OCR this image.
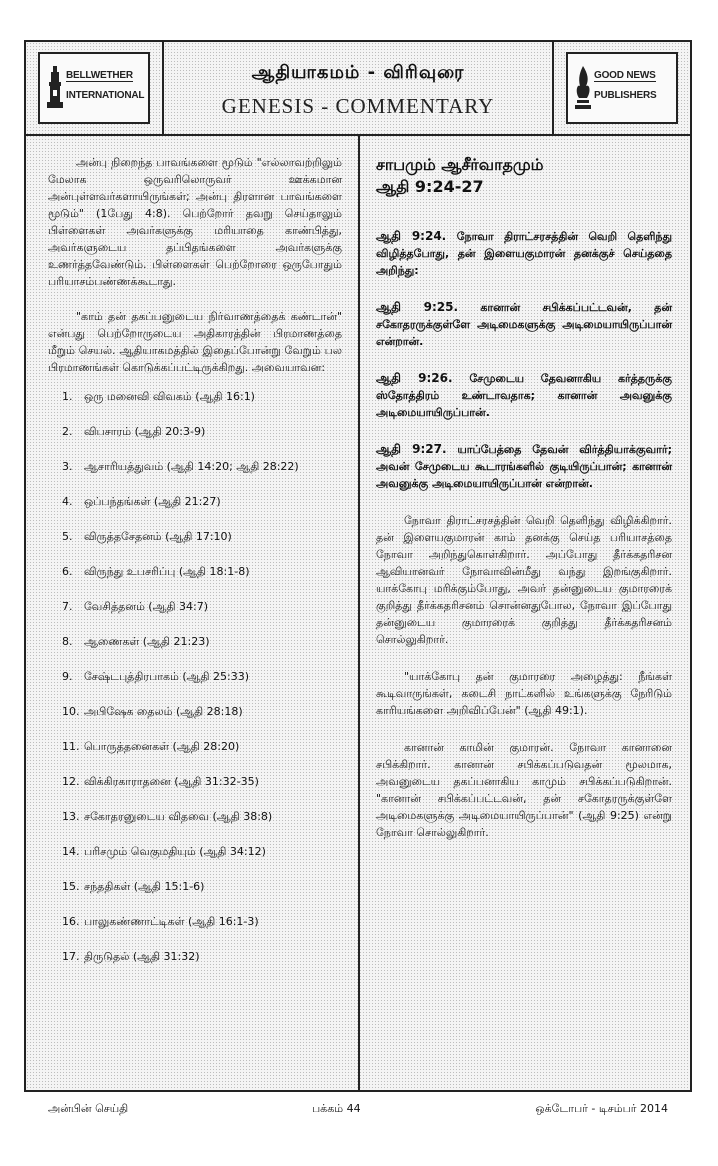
BELLWETHER
INTERNATIONAL
ஆதியாகமம் - விரிவுரை
GENESIS - COMMENTARY
GOOD NEWS
PUBLISHERS

அன்பு நிறைந்த பாவங்களை மூடும் "எல்லாவற்றிலும் மேலாக ஒருவரிலொருவர் ஊக்கமான அன்புள்ளவர்களாயிருங்கள்; அன்பு திரளான பாவங்களை மூடும்" (1பேது 4:8). பெற்றோர் தவறு செய்தாலும் பிள்ளைகள் அவர்களுக்கு மரியாதை காண்பித்து, அவர்களுடைய தப்பிதங்களை அவர்களுக்கு உணர்த்தவேண்டும். பிள்ளைகள் பெற்றோரை ஒருபோதும் பரியாசம்பண்ணக்கூடாது.

"காம் தன் தகப்பனுடைய நிர்வாணத்தைக் கண்டான்" என்பது பெற்றோருடைய அதிகாரத்தின் பிரமாணத்தை மீறும் செயல். ஆதியாகமத்தில் இதைப்போன்று வேறும் பல பிரமாணங்கள் கொடுக்கப்பட்டிருக்கிறது. அவையாவன:

1. ஒரு மனைவி விவகம் (ஆதி 16:1)
2. விபசாரம் (ஆதி 20:3-9)
3. ஆசாரியத்துவம் (ஆதி 14:20; ஆதி 28:22)
4. ஒப்பந்தங்கள் (ஆதி 21:27)
5. விருத்தசேதனம் (ஆதி 17:10)
6. விருந்து உபசரிப்பு (ஆதி 18:1-8)
7. வேசித்தனம் (ஆதி 34:7)
8. ஆணைகள் (ஆதி 21:23)
9. சேஷ்டபுத்திரபாகம் (ஆதி 25:33)
10. அபிஷேக தைலம் (ஆதி 28:18)
11. பொருத்தனைகள் (ஆதி 28:20)
12. விக்கிரகாராதனை (ஆதி 31:32-35)
13. சகோதரனுடைய விதவை (ஆதி 38:8)
14. பரிசமும் வெகுமதியும் (ஆதி 34:12)
15. சந்ததிகள் (ஆதி 15:1-6)
16. பாலுகண்ணாட்டிகள் (ஆதி 16:1-3)
17. திருடுதல் (ஆதி 31:32)
சாபமும் ஆசீர்வாதமும்
ஆதி 9:24-27

ஆதி 9:24. நோவா திராட்சரசத்தின் வெறி தெளிந்து விழித்தபோது, தன் இளையகுமாரன் தனக்குச் செய்ததை அறிந்து:

ஆதி 9:25. கானான் சபிக்கப்பட்டவன், தன் சகோதரருக்குள்ளே அடிமைகளுக்கு அடிமையாயிருப்பான் என்றான்.

ஆதி 9:26. சேமுடைய தேவனாகிய கர்த்தருக்கு ஸ்தோத்திரம் உண்டாவதாக; கானான் அவனுக்கு அடிமையாயிருப்பான்.

ஆதி 9:27. யாப்பேத்தை தேவன் விர்த்தியாக்குவார்; அவன் சேமுடைய கூடாரங்களில் குடியிருப்பான்; கானான் அவனுக்கு அடிமையாயிருப்பான் என்றான்.

நோவா திராட்சரசத்தின் வெறி தெளிந்து விழிக்கிறார். தன் இளையகுமாரன் காம் தனக்கு செய்த பரியாசத்தை நோவா அறிந்துகொள்கிறார். அப்போது தீர்க்கதரிசன ஆவியானவர் நோவாவின்மீது வந்து இறங்குகிறார். யாக்கோபு மரிக்கும்போது, அவர் தன்னுடைய குமாரரைக் குறித்து தீர்க்கதரிசனம் சொன்னதுபோல, நோவா இப்போது தன்னுடைய குமாரரைக் குறித்து தீர்க்கதரிசனம் சொல்லுகிறார்.

"யாக்கோபு தன் குமாரரை அழைத்து: நீங்கள் கூடிவாருங்கள், கடைசி நாட்களில் உங்களுக்கு நேரிடும் காரியங்களை அறிவிப்பேன்" (ஆதி 49:1).

கானான் காமின் குமாரன். நோவா கானானை சபிக்கிறார். கானான் சபிக்கப்படுவதன் மூலமாக, அவனுடைய தகப்பனாகிய காமும் சபிக்கப்படுகிறான். "கானான் சபிக்கப்பட்டவன், தன் சகோதரருக்குள்ளே அடிமைகளுக்கு அடிமையாயிருப்பான்" (ஆதி 9:25) என்று நோவா சொல்லுகிறார்.

அன்பின் செய்தி	பக்கம் 44	ஒக்டோபர் - டிசம்பர் 2014
